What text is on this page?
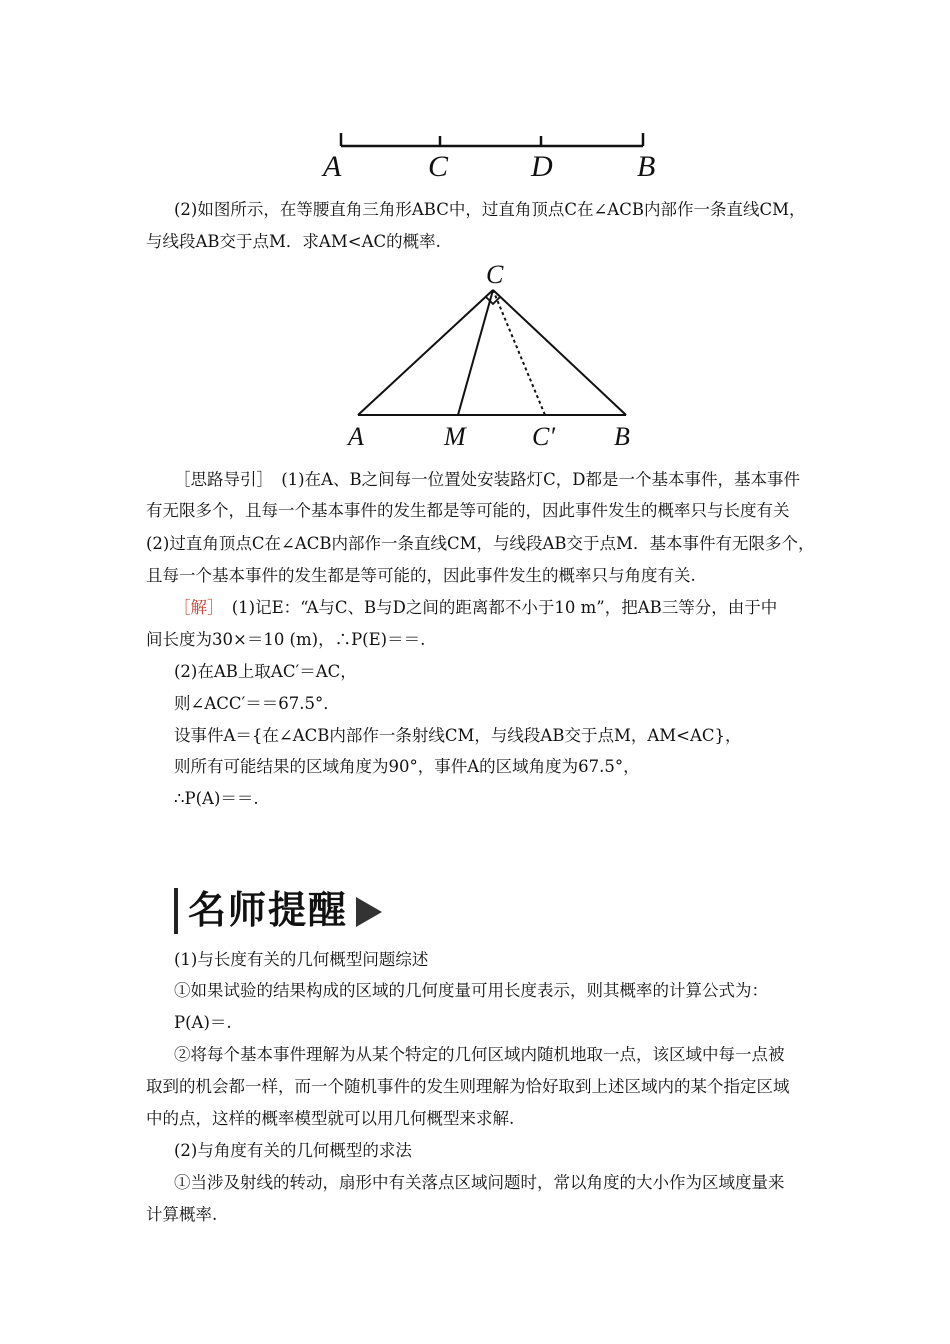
A	C	D	B
(2)如图所示，在等腰直角三角形ABC中，过直角顶点C在∠ACB内部作一条直线CM，
与线段AB交于点M．求AM<AC的概率.
C
A	M	C′ B
［思路导引］　(1)在A、B之间每一位置处安装路灯C，D都是一个基本事件，基本事件
有无限多个，且每一个基本事件的发生都是等可能的，因此事件发生的概率只与长度有关
(2)过直角顶点C在∠ACB内部作一条直线CM，与线段AB交于点M．基本事件有无限多个，
且每一个基本事件的发生都是等可能的，因此事件发生的概率只与角度有关.
［解］　(1)记E：“A与C、B与D之间的距离都不小于10 m”，把AB三等分，由于中
间长度为30×＝10 (m)，∴P(E)＝＝.
(2)在AB上取AC′＝AC，
则∠ACC′＝＝67.5°．
设事件A＝{在∠ACB内部作一条射线CM，与线段AB交于点M，AM<AC}，
则所有可能结果的区域角度为90°，事件A的区域角度为67.5°，
∴P(A)＝＝.
名师提醒
(1)与长度有关的几何概型问题综述
①如果试验的结果构成的区域的几何度量可用长度表示，则其概率的计算公式为：
P(A)＝.
②将每个基本事件理解为从某个特定的几何区域内随机地取一点，该区域中每一点被
取到的机会都一样，而一个随机事件的发生则理解为恰好取到上述区域内的某个指定区域
中的点，这样的概率模型就可以用几何概型来求解.
(2)与角度有关的几何概型的求法
①当涉及射线的转动，扇形中有关落点区域问题时，常以角度的大小作为区域度量来
计算概率.
